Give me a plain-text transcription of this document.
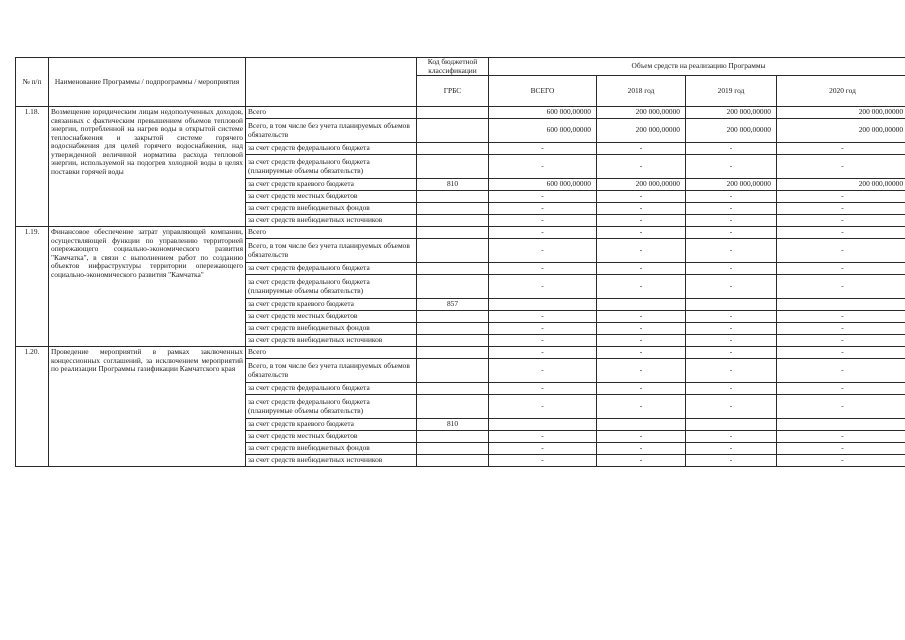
№ п/п	Наименование Программы / подпрограммы / мероприятия		Код бюджетной классификации	Объем средств на реализацию Программы			
			ГРБС	ВСЕГО	2018 год	2019 год	2020 год
1.18.	Возмещение юридическим лицам недополученных доходов, связанных с фактическим превышением объемов тепловой энергии, потребленной на нагрев воды в открытой системе теплоснабжения и закрытой системе горячего водоснабжения для целей горячего водоснабжения, над утвержденной величиной норматива расхода тепловой энергии, используемой на подогрев холодной воды в целях поставки горячей воды	Всего		600 000,00000	200 000,00000	200 000,00000	200 000,00000
		Всего, в том числе без учета планируемых объемов обязательств		600 000,00000	200 000,00000	200 000,00000	200 000,00000
		за счет средств федерального бюджета		-	-	-	-
		за счет средств федерального бюджета (планируемые объемы обязательств)		-	-	-	-
		за счет средств краевого бюджета	810	600 000,00000	200 000,00000	200 000,00000	200 000,00000
		за счет средств местных бюджетов		-	-	-	-
		за счет средств внебюджетных фондов		-	-	-	-
		за счет средств внебюджетных источников		-	-	-	-
1.19.	Финансовое обеспечение затрат управляющей компании, осуществляющей функции по управлению территорией опережающего социально-экономического развития "Камчатка", в связи с выполнением работ по созданию объектов инфраструктуры территории опережающего социально-экономического развития "Камчатка"	Всего		-	-	-	-
		Всего, в том числе без учета планируемых объемов обязательств		-	-	-	-
		за счет средств федерального бюджета		-	-	-	-
		за счет средств федерального бюджета (планируемые объемы обязательств)		-	-	-	-
		за счет средств краевого бюджета	857				
		за счет средств местных бюджетов		-	-	-	-
		за счет средств внебюджетных фондов		-	-	-	-
		за счет средств внебюджетных источников		-	-	-	-
1.20.	Проведение мероприятий в рамках заключенных концессионных соглашений, за исключением мероприятий по реализации Программы газификации Камчатского края	Всего		-	-	-	-
		Всего, в том числе без учета планируемых объемов обязательств		-	-	-	-
		за счет средств федерального бюджета		-	-	-	-
		за счет средств федерального бюджета (планируемые объемы обязательств)		-	-	-	-
		за счет средств краевого бюджета	810				
		за счет средств местных бюджетов		-	-	-	-
		за счет средств внебюджетных фондов		-	-	-	-
		за счет средств внебюджетных источников		-	-	-	-
